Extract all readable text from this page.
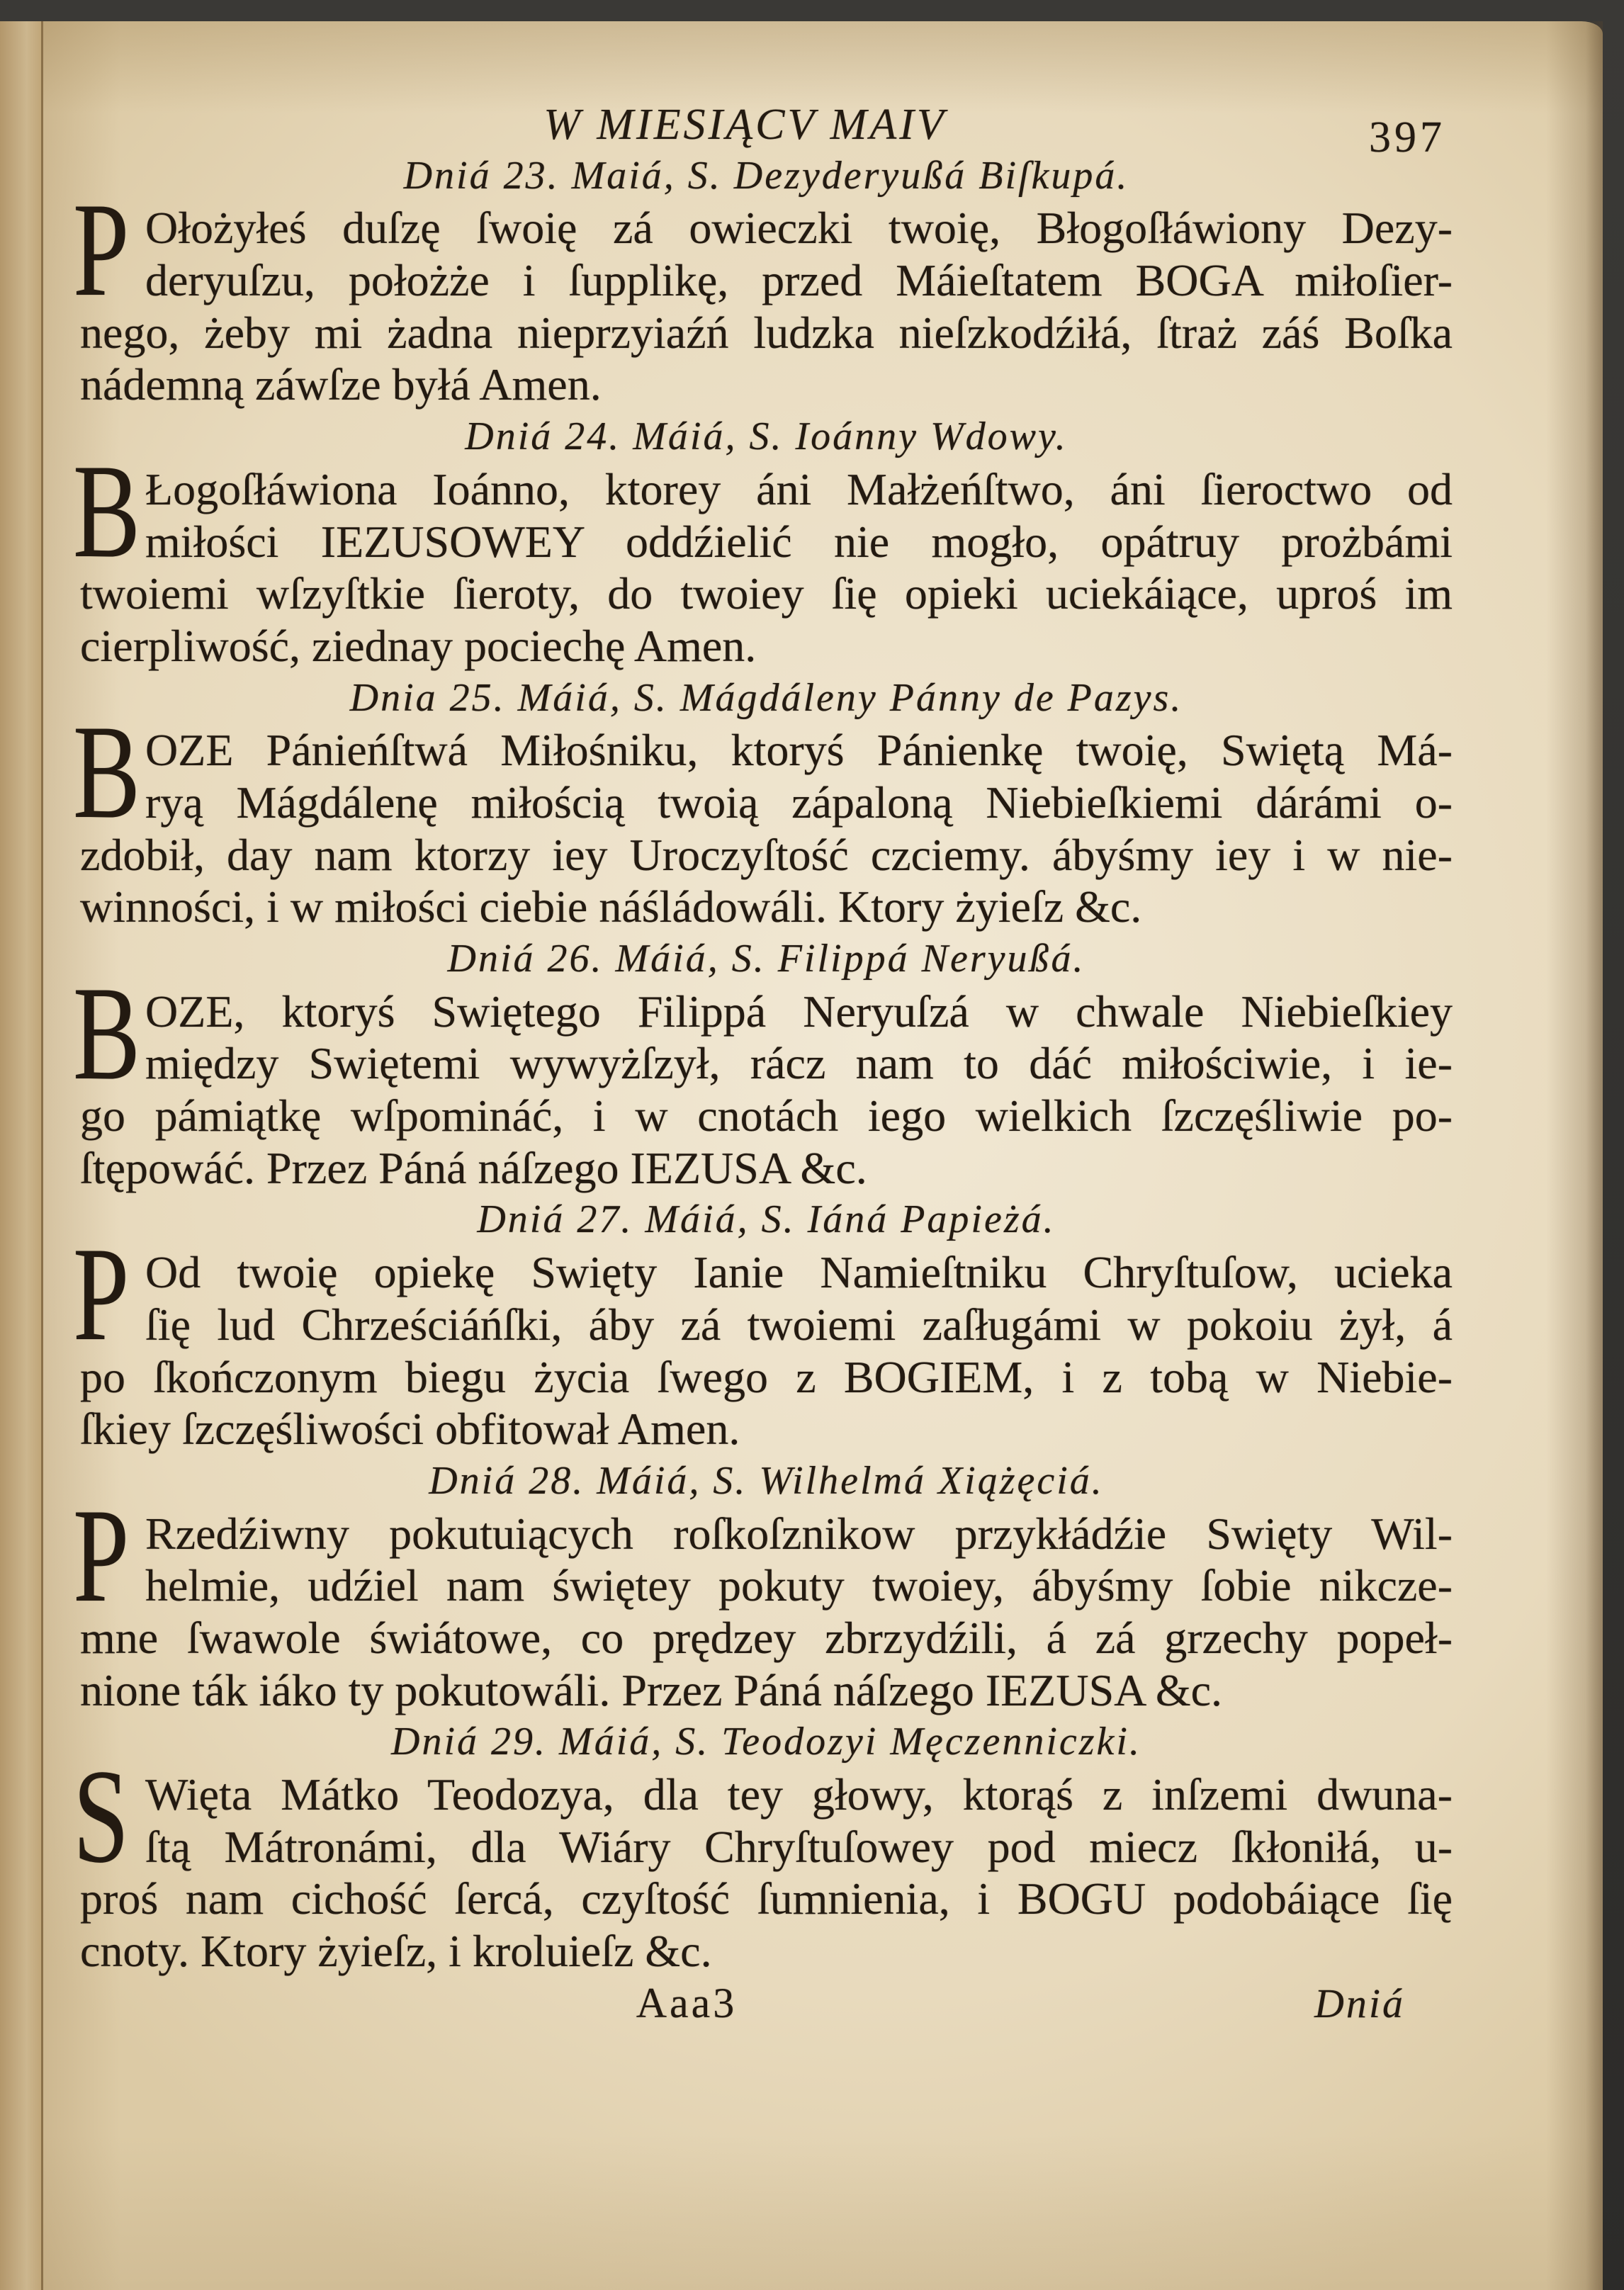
W MIESIĄCV MAIV	397
Dniá 23. Maiá, S. Dezyderyußá Biſkupá.
P Ołożyłeś duſzę ſwoię zá owieczki twoię, Błogoſłáwiony Dezy-
deryuſzu, położże i ſupplikę, przed Máieſtatem BOGA miłoſier-
nego, żeby mi żadna nieprzyiaźń ludzka nieſzkodźiłá, ſtraż záś Boſka
nádemną záwſze byłá Amen.
Dniá 24. Máiá, S. Ioánny Wdowy.
B Łogoſłáwiona Ioánno, ktorey áni Małżeńſtwo, áni ſieroctwo od
miłości IEZUSOWEY oddźielić nie mogło, opátruy prożbámi
twoiemi wſzyſtkie ſieroty, do twoiey ſię opieki uciekáiące, uproś im
cierpliwość, ziednay pociechę Amen.
Dnia 25. Máiá, S. Mágdáleny Pánny de Pazys.
B OZE Pánieńſtwá Miłośniku, ktoryś Pánienkę twoię, Swiętą Má-
ryą Mágdálenę miłością twoią zápaloną Niebieſkiemi dárámi o-
zdobił, day nam ktorzy iey Uroczyſtość czciemy. ábyśmy iey i w nie-
winności, i w miłości ciebie náśládowáli. Ktory żyieſz &c.
Dniá 26. Máiá, S. Filippá Neryußá.
B OZE, ktoryś Swiętego Filippá Neryuſzá w chwale Niebieſkiey
między Swiętemi wywyżſzył, rácz nam to dáć miłościwie, i ie-
go pámiątkę wſpomináć, i w cnotách iego wielkich ſzczęśliwie po-
ſtępowáć. Przez Páná náſzego IEZUSA &c.
Dniá 27. Máiá, S. Iáná Papieżá.
P Od twoię opiekę Swięty Ianie Namieſtniku Chryſtuſow, ucieka
ſię lud Chrześciáńſki, áby zá twoiemi zaſługámi w pokoiu żył, á
po ſkończonym biegu życia ſwego z BOGIEM, i z tobą w Niebie-
ſkiey ſzczęśliwości obfitował Amen.
Dniá 28. Máiá, S. Wilhelmá Xiążęciá.
P Rzedźiwny pokutuiących roſkoſznikow przykłádźie Swięty Wil-
helmie, udźiel nam świętey pokuty twoiey, ábyśmy ſobie nikcze-
mne ſwawole świátowe, co prędzey zbrzydźili, á zá grzechy popeł-
nione ták iáko ty pokutowáli. Przez Páná náſzego IEZUSA &c.
Dniá 29. Máiá, S. Teodozyi Męczenniczki.
S Więta Mátko Teodozya, dla tey głowy, ktorąś z inſzemi dwuna-
ſtą Mátronámi, dla Wiáry Chryſtuſowey pod miecz ſkłoniłá, u-
proś nam cichość ſercá, czyſtość ſumnienia, i BOGU podobáiące ſię
cnoty. Ktory żyieſz, i kroluieſz &c.
Aaa3	Dniá
